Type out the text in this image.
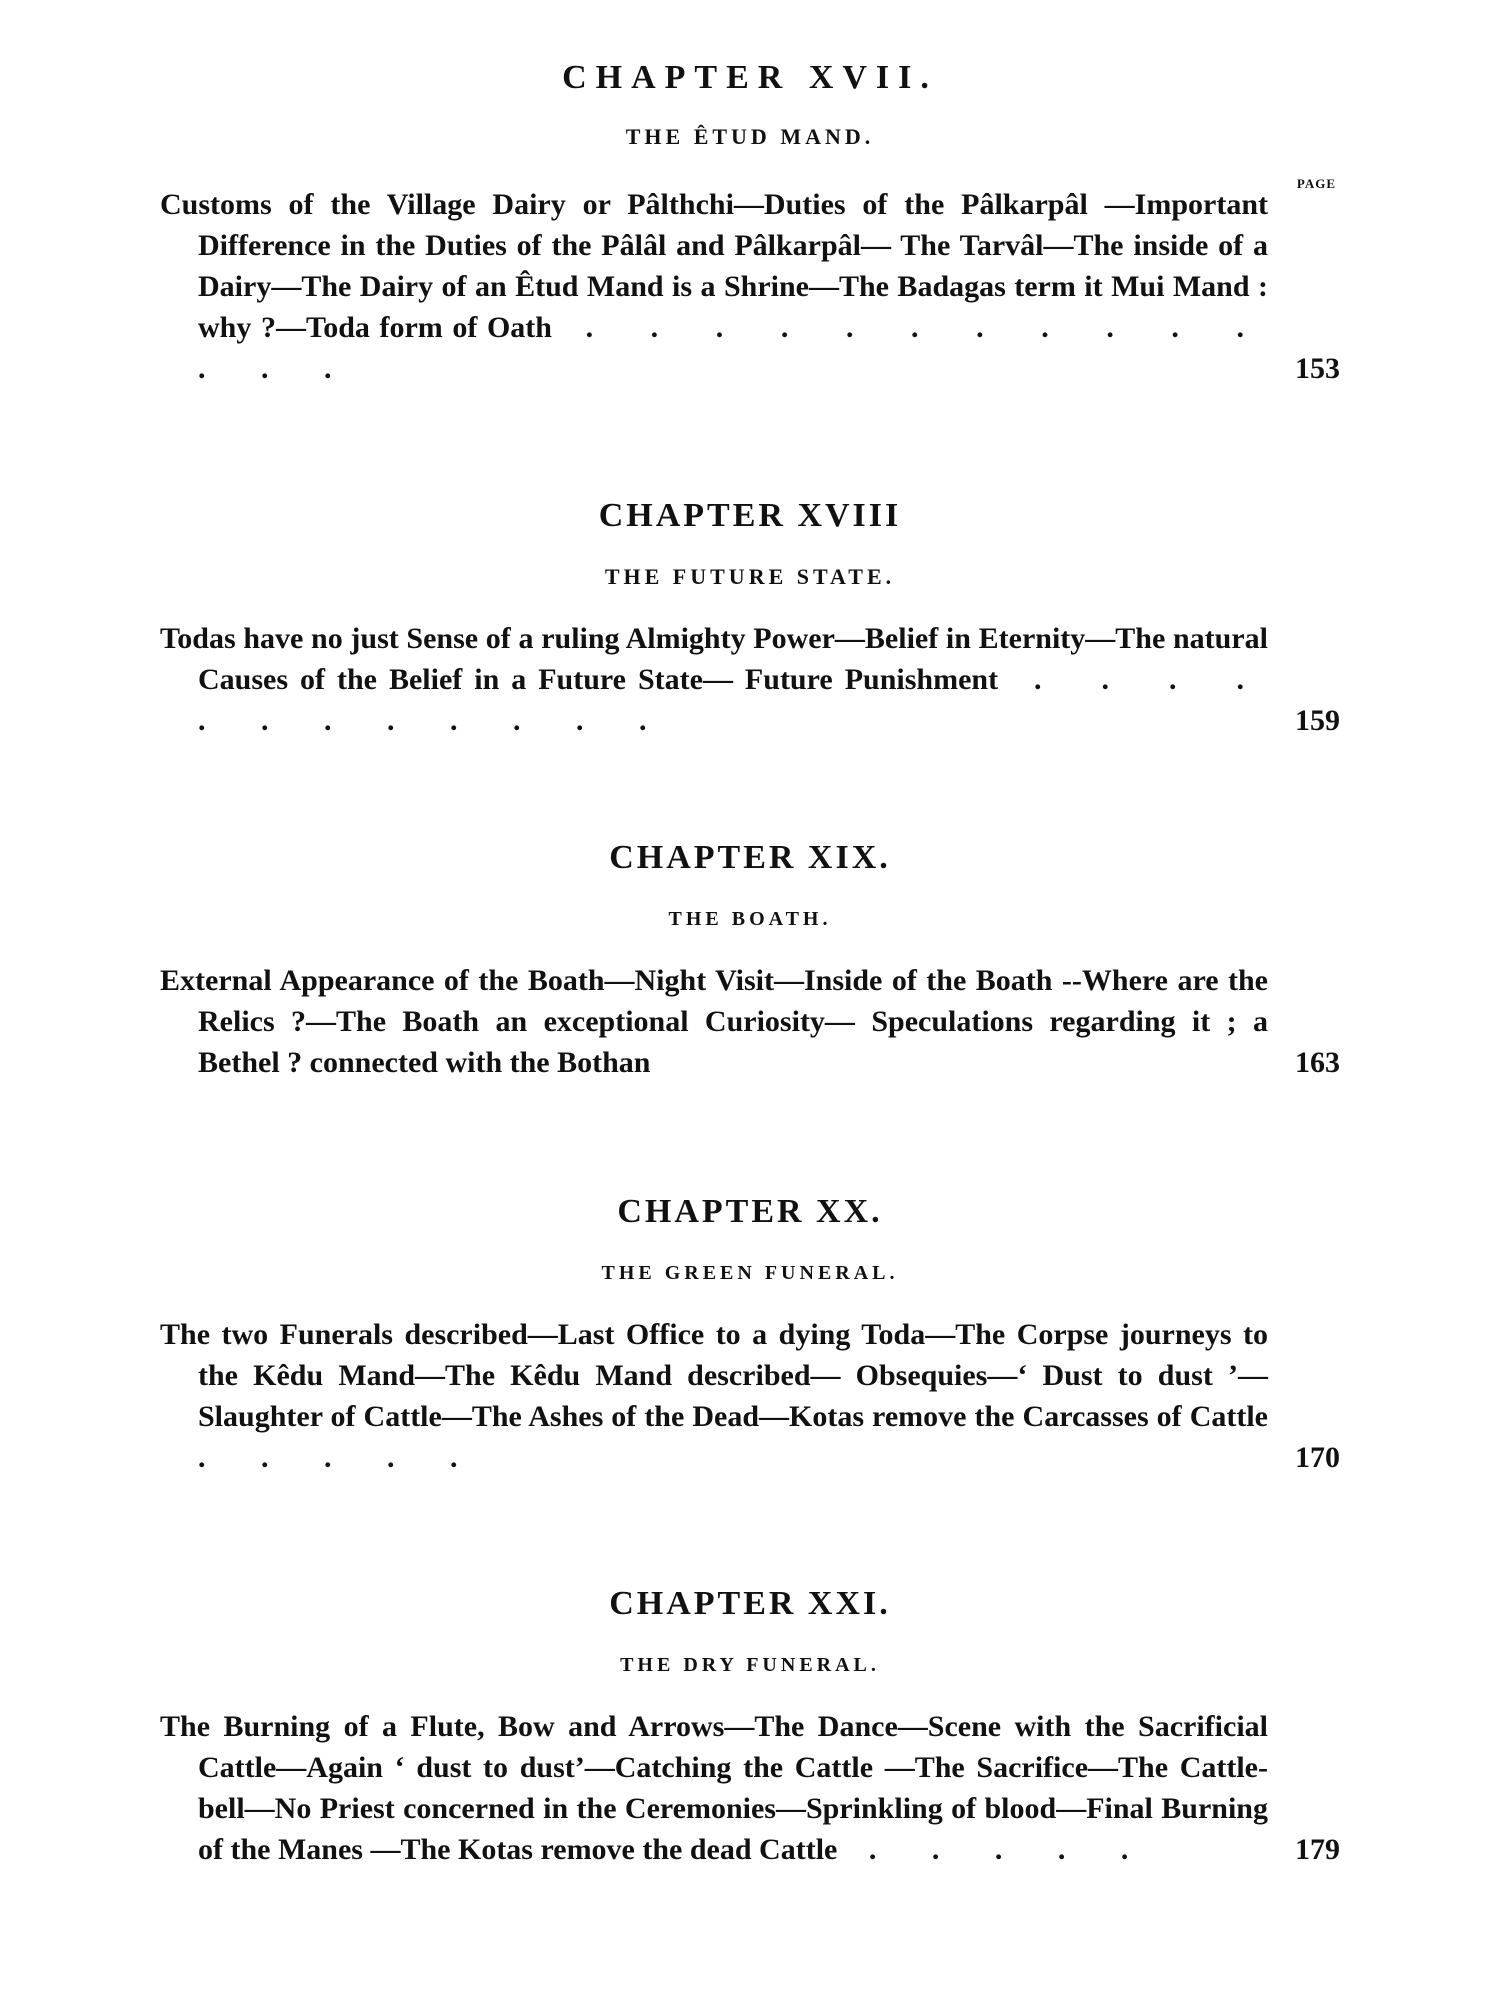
CHAPTER XVII.
THE ÊTUD MAND.
PAGE

Customs of the Village Dairy or Pâlthchi—Duties of the Pâlkarpâl —Important Difference in the Duties of the Pâlâl and Pâlkarpâl— The Tarvâl—The inside of a Dairy—The Dairy of an Êtud Mand is a Shrine—The Badagas term it Mui Mand : why ?—Toda form of Oath . . . . . . . . . . . . . .	153

CHAPTER XVIII
THE FUTURE STATE.

Todas have no just Sense of a ruling Almighty Power—Belief in Eternity—The natural Causes of the Belief in a Future State— Future Punishment . . . . . . . . . . . .	159

CHAPTER XIX.
THE BOATH.

External Appearance of the Boath—Night Visit—Inside of the Boath --Where are the Relics ?—The Boath an exceptional Curiosity— Speculations regarding it ; a Bethel ? connected with the Bothan	163

CHAPTER XX.
THE GREEN FUNERAL.

The two Funerals described—Last Office to a dying Toda—The Corpse journeys to the Kêdu Mand—The Kêdu Mand described— Obsequies—‘ Dust to dust ’—Slaughter of Cattle—The Ashes of the Dead—Kotas remove the Carcasses of Cattle . . . . .	170

CHAPTER XXI.
THE DRY FUNERAL.

The Burning of a Flute, Bow and Arrows—The Dance—Scene with the Sacrificial Cattle—Again ‘ dust to dust’—Catching the Cattle —The Sacrifice—The Cattle-bell—No Priest concerned in the Ceremonies—Sprinkling of blood—Final Burning of the Manes —The Kotas remove the dead Cattle . . . . .	179
